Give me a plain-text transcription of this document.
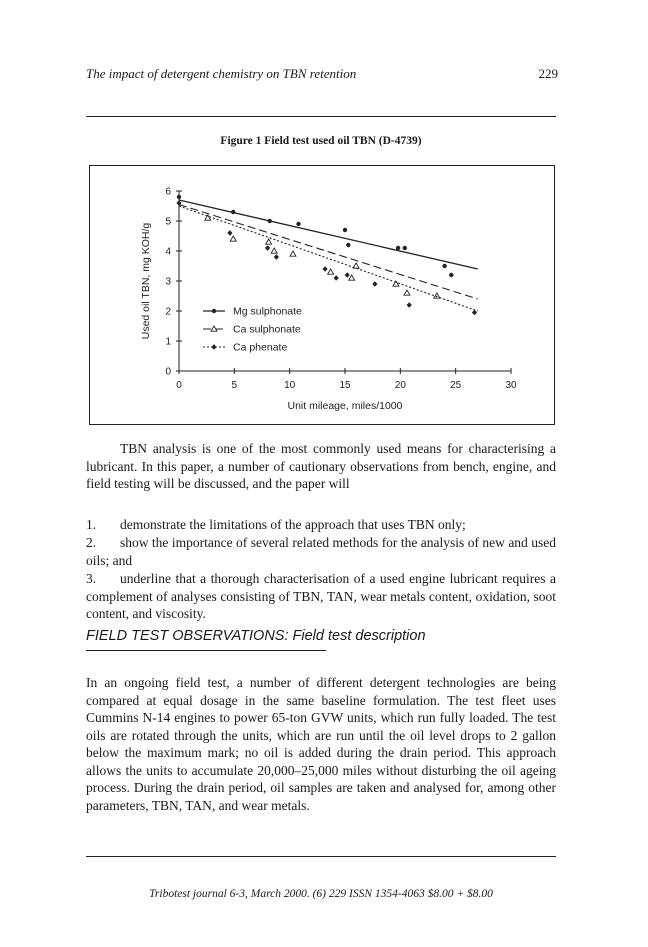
The impact of detergent chemistry on TBN retention	229
Figure 1 Field test used oil TBN (D-4739)
0	5	10	15	20	25	30
0
1
2
3
4
5
6
Unit mileage, miles/1000
Used oil TBN, mg KOH/g	Mg sulphonate
Ca sulphonate
Ca phenate
TBN analysis is one of the most commonly used means for characterising a lubricant. In this paper, a number of cautionary observations from bench, engine, and field testing will be discussed, and the paper will
1. demonstrate the limitations of the approach that uses TBN only;
2. show the importance of several related methods for the analysis of new and used oils; and
3. underline that a thorough characterisation of a used engine lubricant requires a complement of analyses consisting of TBN, TAN, wear metals content, oxidation, soot content, and viscosity.
FIELD TEST OBSERVATIONS: Field test description
In an ongoing field test, a number of different detergent technologies are being compared at equal dosage in the same baseline formulation. The test fleet uses Cummins N-14 engines to power 65-ton GVW units, which run fully loaded. The test oils are rotated through the units, which are run until the oil level drops to 2 gallon below the maximum mark; no oil is added during the drain period. This approach allows the units to accumulate 20,000–25,000 miles without disturbing the oil ageing process. During the drain period, oil samples are taken and analysed for, among other parameters, TBN, TAN, and wear metals.
Tribotest journal 6-3, March 2000. (6) 229 ISSN 1354-4063 $8.00 + $8.00
